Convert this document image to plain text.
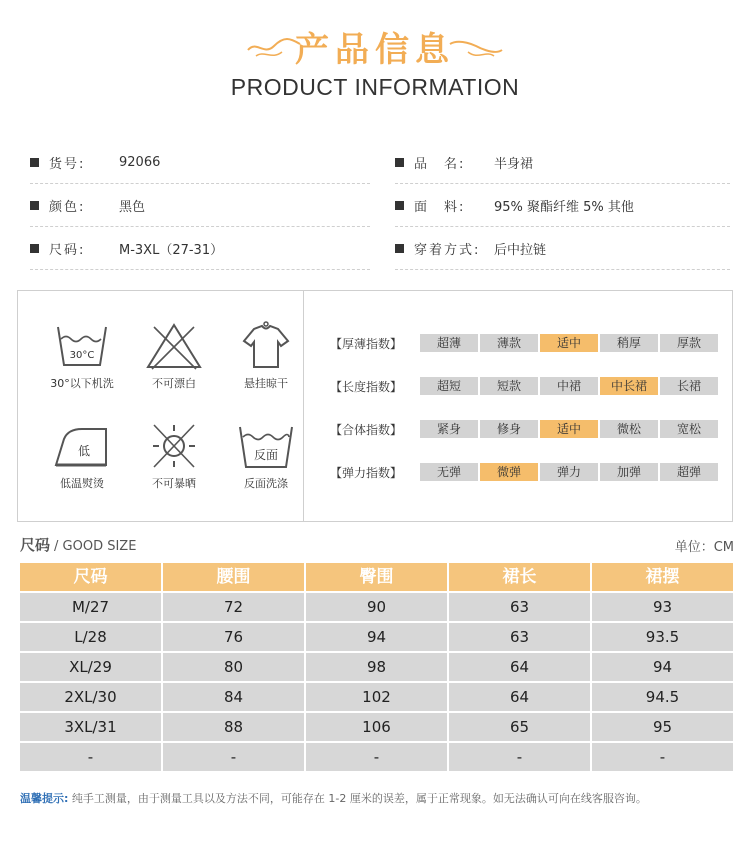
产品信息
PRODUCT INFORMATION
货号:	92066	品　名:	半身裙
颜色:	黑色	面　料:	95% 聚酯纤维 5% 其他
尺码:	M-3XL（27-31）	穿着方式:	后中拉链
30°C
30°以下机洗	不可漂白	悬挂晾干
低
低温熨烫	不可暴晒
反面
反面洗涤
【厚薄指数】	超薄	薄款	适中	稍厚	厚款
【长度指数】	超短	短款	中裙	中长裙	长裙
【合体指数】	紧身	修身	适中	微松	宽松
【弹力指数】	无弹	微弹	弹力	加弹	超弹
尺码 / GOOD SIZE	单位：CM
尺码	腰围	臀围	裙长	裙摆
M/27	72	90	63	93
L/28	76	94	63	93.5
XL/29	80	98	64	94
2XL/30	84	102	64	94.5
3XL/31	88	106	65	95
-	-	-	-	-
温馨提示: 纯手工测量，由于测量工具以及方法不同，可能存在 1-2 厘米的误差，属于正常现象。如无法确认可向在线客服咨询。
